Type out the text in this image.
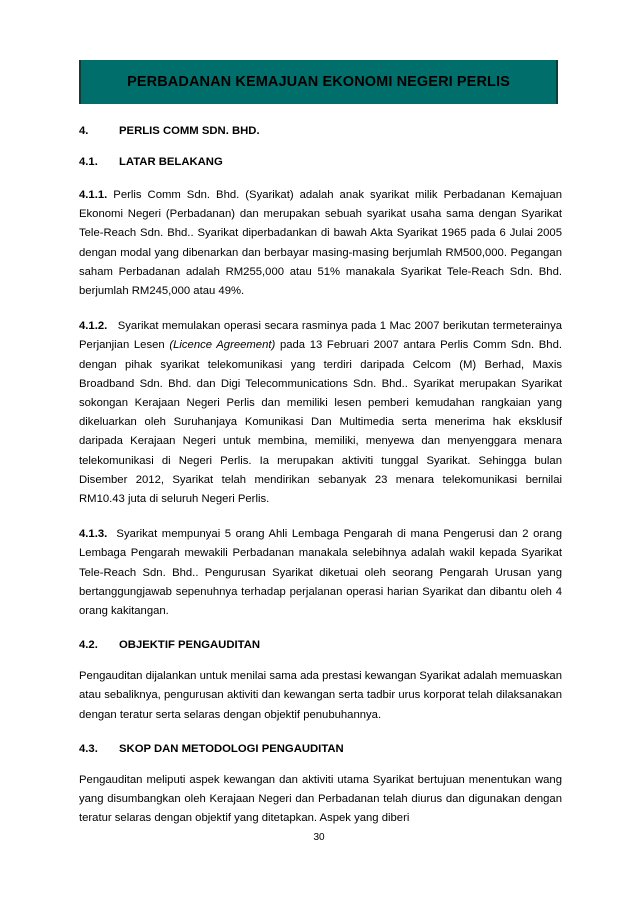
PERBADANAN KEMAJUAN EKONOMI NEGERI PERLIS
4.	PERLIS COMM SDN. BHD.
4.1.	LATAR BELAKANG

4.1.1. Perlis Comm Sdn. Bhd. (Syarikat) adalah anak syarikat milik Perbadanan Kemajuan Ekonomi Negeri (Perbadanan) dan merupakan sebuah syarikat usaha sama dengan Syarikat Tele-Reach Sdn. Bhd.. Syarikat diperbadankan di bawah Akta Syarikat 1965 pada 6 Julai 2005 dengan modal yang dibenarkan dan berbayar masing-masing berjumlah RM500,000. Pegangan saham Perbadanan adalah RM255,000 atau 51% manakala Syarikat Tele-Reach Sdn. Bhd. berjumlah RM245,000 atau 49%.

4.1.2. Syarikat memulakan operasi secara rasminya pada 1 Mac 2007 berikutan termeterainya Perjanjian Lesen (Licence Agreement) pada 13 Februari 2007 antara Perlis Comm Sdn. Bhd. dengan pihak syarikat telekomunikasi yang terdiri daripada Celcom (M) Berhad, Maxis Broadband Sdn. Bhd. dan Digi Telecommunications Sdn. Bhd.. Syarikat merupakan Syarikat sokongan Kerajaan Negeri Perlis dan memiliki lesen pemberi kemudahan rangkaian yang dikeluarkan oleh Suruhanjaya Komunikasi Dan Multimedia serta menerima hak eksklusif daripada Kerajaan Negeri untuk membina, memiliki, menyewa dan menyenggara menara telekomunikasi di Negeri Perlis. Ia merupakan aktiviti tunggal Syarikat. Sehingga bulan Disember 2012, Syarikat telah mendirikan sebanyak 23 menara telekomunikasi bernilai RM10.43 juta di seluruh Negeri Perlis.

4.1.3. Syarikat mempunyai 5 orang Ahli Lembaga Pengarah di mana Pengerusi dan 2 orang Lembaga Pengarah mewakili Perbadanan manakala selebihnya adalah wakil kepada Syarikat Tele-Reach Sdn. Bhd.. Pengurusan Syarikat diketuai oleh seorang Pengarah Urusan yang bertanggungjawab sepenuhnya terhadap perjalanan operasi harian Syarikat dan dibantu oleh 4 orang kakitangan.

4.2.	OBJEKTIF PENGAUDITAN

Pengauditan dijalankan untuk menilai sama ada prestasi kewangan Syarikat adalah memuaskan atau sebaliknya, pengurusan aktiviti dan kewangan serta tadbir urus korporat telah dilaksanakan dengan teratur serta selaras dengan objektif penubuhannya.

4.3.	SKOP DAN METODOLOGI PENGAUDITAN

Pengauditan meliputi aspek kewangan dan aktiviti utama Syarikat bertujuan menentukan wang yang disumbangkan oleh Kerajaan Negeri dan Perbadanan telah diurus dan digunakan dengan teratur selaras dengan objektif yang ditetapkan. Aspek yang diberi

30
